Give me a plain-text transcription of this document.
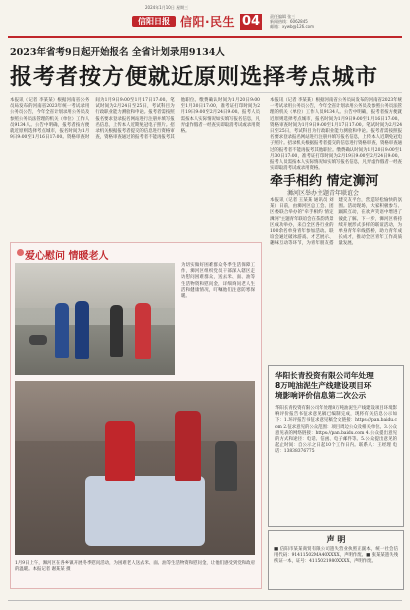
2024年1月10日 星期三
信阳日报 信阳·民生 04	责任编辑 张三
新闻热线：6062845
邮箱：xywb@126.com
2023年省考9日起开始报名 全省计划录用9134人
报考者按方便就近原则选择考点城市
本报讯（记者 李某某）根据河南省公务员局发布的河南省2023年统一考试录用公务员公告，今年全省计划录用公务员及参照公务员法管理的机关（单位）工作人员9134人。公告中明确，报考者按方便就近原则选择考点城市，报名时间为1月9日9:00至1月16日17:00。资格审查时间为1月9日9:00至1月17日17:00。笔试时间为2月24日至25日，考试科目为行政职业能力测验和申论。报考者需按照报名要求登录报名网站进行注册并填写报名信息，上传本人近期免冠电子照片。招录机关根据报考者提交的信息进行资格审查，资格审查通过的报考者不能再报考其他职位。缴费确认时间为1月20日9:00至1月30日17:00，准考证打印时间为2月19日9:00至2月24日9:00。报考人员需按本人实际情况如实填写报名信息，凡弄虚作假者一经查实即取消考试或录用资格。
爱心慰问 情暖老人
为切实做好困难群众冬季生活保障工作，浉河区组织党员干部深入辖区走访慰问困难群众，送去米、面、油等生活物资和慰问金，详细询问老人生活和健康情况，叮嘱他们注意防寒保暖。
1月9日上午，浉河区在各乡镇开展冬季慰问活动，为困难老人送去米、面、油等生活物资和慰问金，让他们感受到党和政府的温暖。本报记者 谢某某 摄
牵手相约 情定浉河
浉河区举办主题青年联谊会
本报讯（记者 王某某 通讯员 刘某）日前，由浉河区总工会、团区委联合举办的"牵手相约 情定浉河"主题青年联谊会在茶韵湾景区成功举办，来自全区各行业的100余名单身青年参加活动。联谊会通过破冰游戏、才艺展示、趣味互动等环节，为青年朋友搭建交友平台，营造轻松愉快的氛围。活动现场，大家积极参与、踊跃互动，在欢声笑语中增进了彼此了解。下一步，浉河区将持续开展形式多样的联谊活动，为单身青年牵线搭桥，助力青年成长成才，推动全区青年工作高质量发展。
本报讯（记者 李某某）根据河南省公务员局发布的河南省2023年统一考试录用公务员公告，今年全省计划录用公务员及参照公务员法管理的机关（单位）工作人员9134人。公告中明确，报考者按方便就近原则选择考点城市，报名时间为1月9日9:00至1月16日17:00。资格审查时间为1月9日9:00至1月17日17:00。笔试时间为2月24日至25日，考试科目为行政职业能力测验和申论。报考者需按照报名要求登录报名网站进行注册并填写报名信息，上传本人近期免冠电子照片。招录机关根据报考者提交的信息进行资格审查，资格审查通过的报考者不能再报考其他职位。缴费确认时间为1月20日9:00至1月30日17:00，准考证打印时间为2月19日9:00至2月24日9:00。报考人员需按本人实际情况如实填写报名信息，凡弄虚作假者一经查实即取消考试或录用资格。
华阳长青投资有限公司年处理
8万吨油泥生产线建设项目环
境影响评价信息第二次公示
华阳长青投资有限公司年处理8万吨油泥生产线建设项目环境影响评价报告书征求意见稿已编制完成，现将有关信息公示如下：1.环评报告书征求意见稿全文链接：https://pan.baidu.com 2.征求意见的公众范围：项目周边公众及相关单位。3.公众意见表的网络链接：https://pan.baidu.com 4.公众提出意见的方式和途径：电话、信函、电子邮件等。5.公众提出意见的起止时间：自公示之日起10个工作日内。联系人：王经理 电话：13838376775
声 明
■ 信阳市某某商贸有限公司遗失营业执照正副本，统一社会信用代码：91411502MA40XXXX，声明作废。■ 张某某遗失残疾证一本，证号：4115021980XXXX，声明作废。
